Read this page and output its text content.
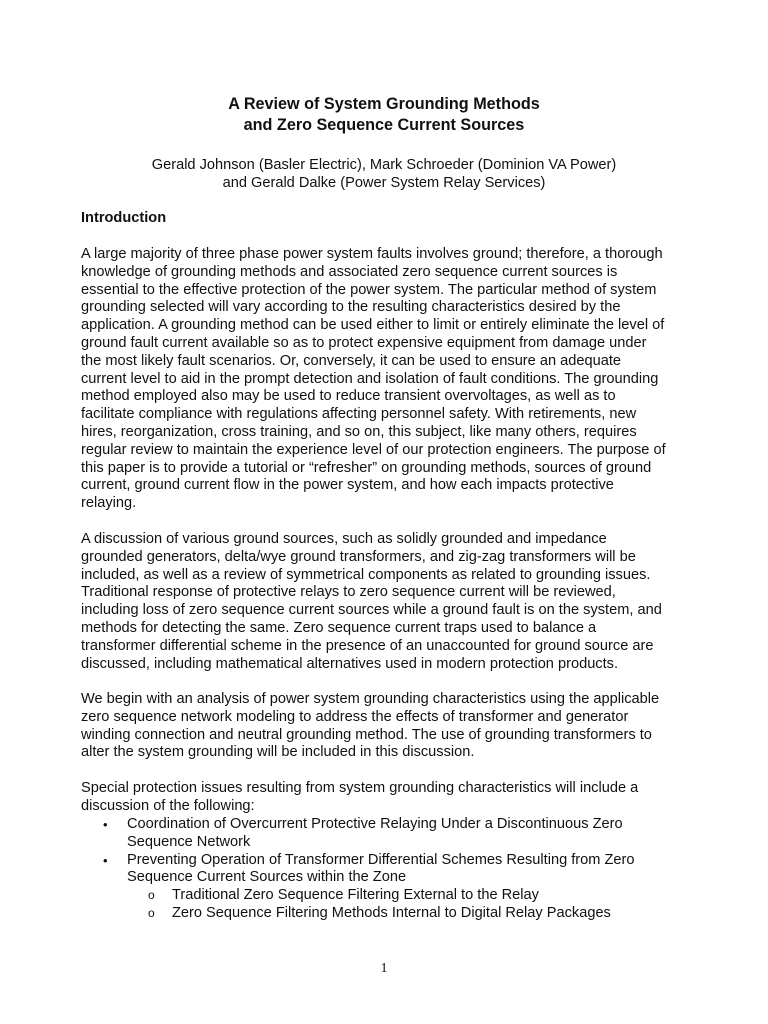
A Review of System Grounding Methods
and Zero Sequence Current Sources
Gerald Johnson (Basler Electric), Mark Schroeder (Dominion VA Power)
and Gerald Dalke (Power System Relay Services)
Introduction
A large majority of three phase power system faults involves ground; therefore, a thorough
knowledge of grounding methods and associated zero sequence current sources is
essential to the effective protection of the power system. The particular method of system
grounding selected will vary according to the resulting characteristics desired by the
application. A grounding method can be used either to limit or entirely eliminate the level of
ground fault current available so as to protect expensive equipment from damage under
the most likely fault scenarios. Or, conversely, it can be used to ensure an adequate
current level to aid in the prompt detection and isolation of fault conditions. The grounding
method employed also may be used to reduce transient overvoltages, as well as to
facilitate compliance with regulations affecting personnel safety. With retirements, new
hires, reorganization, cross training, and so on, this subject, like many others, requires
regular review to maintain the experience level of our protection engineers. The purpose of
this paper is to provide a tutorial or “refresher” on grounding methods, sources of ground
current, ground current flow in the power system, and how each impacts protective
relaying.
A discussion of various ground sources, such as solidly grounded and impedance
grounded generators, delta/wye ground transformers, and zig-zag transformers will be
included, as well as a review of symmetrical components as related to grounding issues.
Traditional response of protective relays to zero sequence current will be reviewed,
including loss of zero sequence current sources while a ground fault is on the system, and
methods for detecting the same. Zero sequence current traps used to balance a
transformer differential scheme in the presence of an unaccounted for ground source are
discussed, including mathematical alternatives used in modern protection products.
We begin with an analysis of power system grounding characteristics using the applicable
zero sequence network modeling to address the effects of transformer and generator
winding connection and neutral grounding method. The use of grounding transformers to
alter the system grounding will be included in this discussion.
Special protection issues resulting from system grounding characteristics will include a
discussion of the following:
• Coordination of Overcurrent Protective Relaying Under a Discontinuous Zero
Sequence Network
• Preventing Operation of Transformer Differential Schemes Resulting from Zero
Sequence Current Sources within the Zone
o Traditional Zero Sequence Filtering External to the Relay
o Zero Sequence Filtering Methods Internal to Digital Relay Packages
1
